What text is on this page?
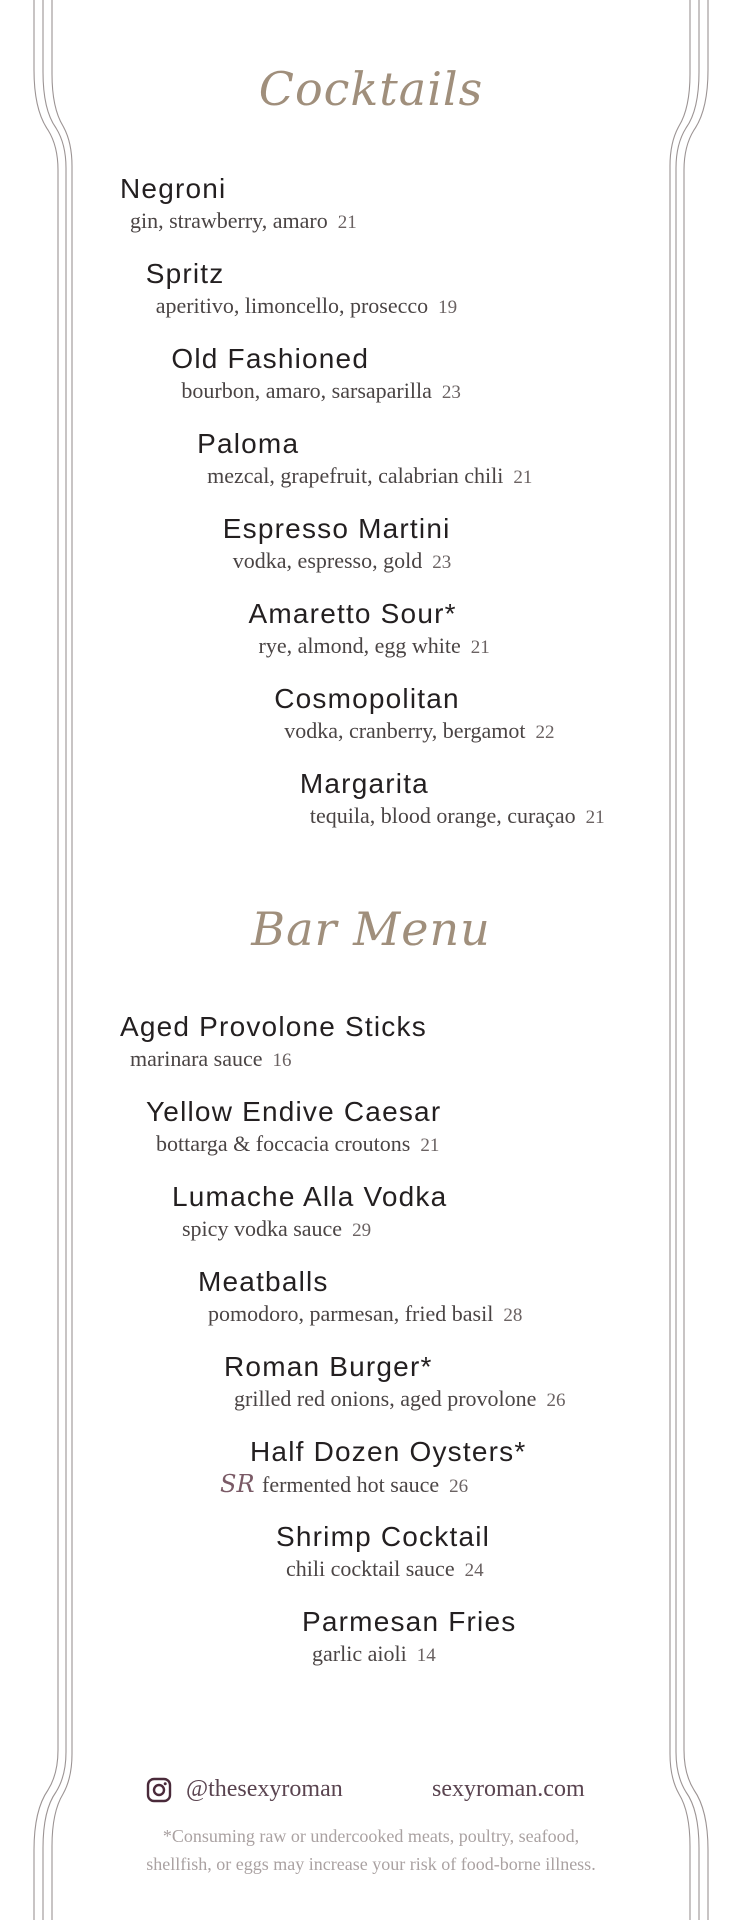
Cocktails
Negroni
gin, strawberry, amaro 21
Spritz
aperitivo, limoncello, prosecco 19
Old Fashioned
bourbon, amaro, sarsaparilla 23
Paloma
mezcal, grapefruit, calabrian chili 21
Espresso Martini
vodka, espresso, gold 23
Amaretto Sour*
rye, almond, egg white 21
Cosmopolitan
vodka, cranberry, bergamot 22
Margarita
tequila, blood orange, curaçao 21
Bar Menu
Aged Provolone Sticks
marinara sauce 16
Yellow Endive Caesar
bottarga & foccacia croutons 21
Lumache Alla Vodka
spicy vodka sauce 29
Meatballs
pomodoro, parmesan, fried basil 28
Roman Burger*
grilled red onions, aged provolone 26
Half Dozen Oysters*
SR fermented hot sauce 26
Shrimp Cocktail
chili cocktail sauce 24
Parmesan Fries
garlic aioli 14
@thesexyroman	sexyroman.com
*Consuming raw or undercooked meats, poultry, seafood,
shellfish, or eggs may increase your risk of food-borne illness.
